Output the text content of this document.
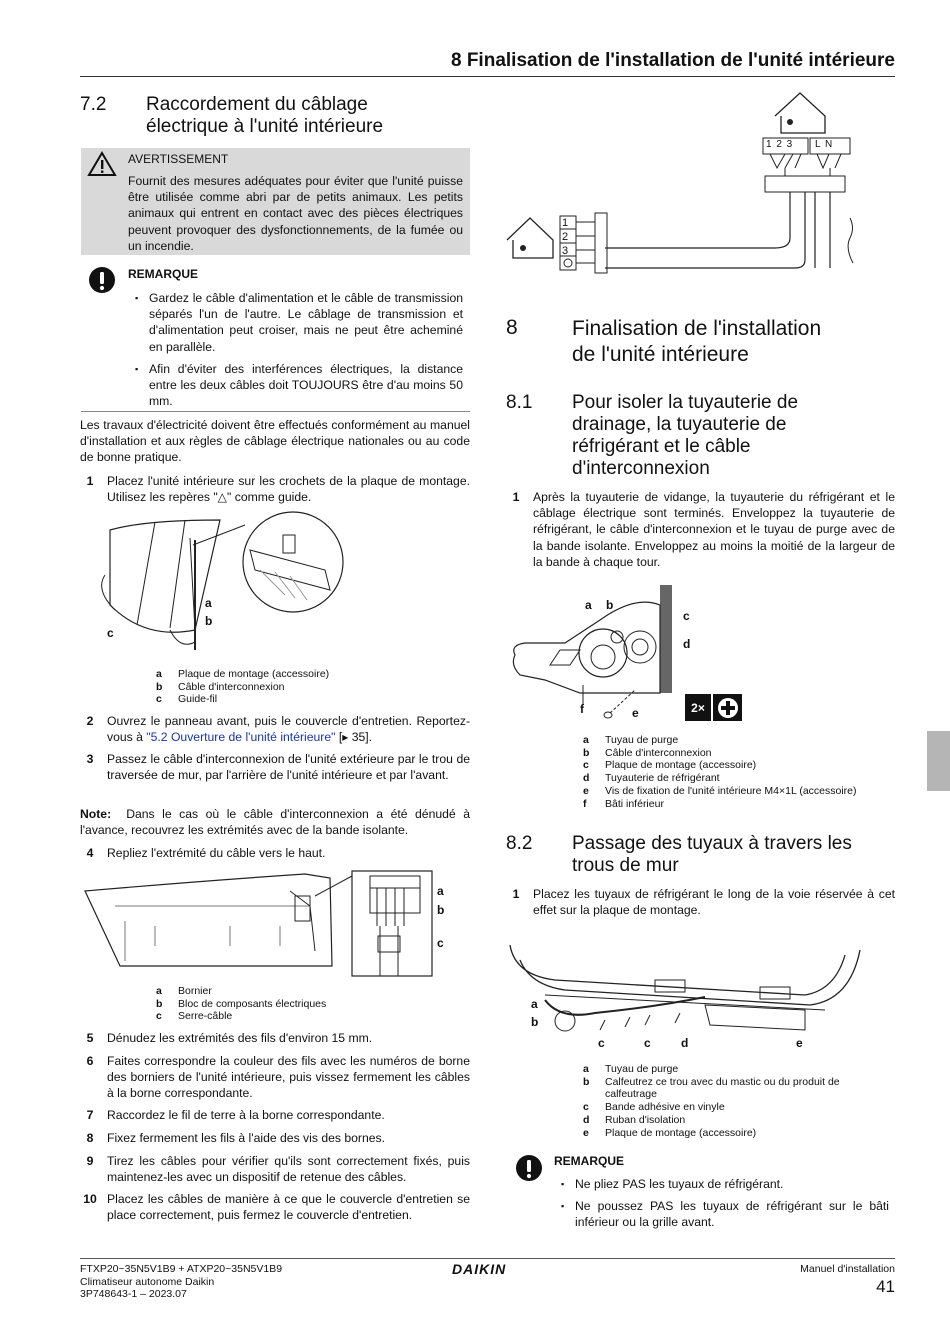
8 Finalisation de l'installation de l'unité intérieure
7.2 Raccordement du câblage
électrique à l'unité intérieure
AVERTISSEMENT
Fournit des mesures adéquates pour éviter que l'unité puisse être utilisée comme abri par de petits animaux. Les petits animaux qui entrent en contact avec des pièces électriques peuvent provoquer des dysfonctionnements, de la fumée ou un incendie.
REMARQUE
▪ Gardez le câble d'alimentation et le câble de transmission séparés l'un de l'autre. Le câblage de transmission et d'alimentation peut croiser, mais ne peut être acheminé en parallèle.
▪ Afin d'éviter des interférences électriques, la distance entre les deux câbles doit TOUJOURS être d'au moins 50 mm.
Les travaux d'électricité doivent être effectués conformément au manuel d'installation et aux règles de câblage électrique nationales ou au code de bonne pratique.
1	Placez l'unité intérieure sur les crochets de la plaque de montage. Utilisez les repères "△" comme guide.
a
b
c
a	Plaque de montage (accessoire)
b	Câble d'interconnexion
c	Guide-fil
2	Ouvrez le panneau avant, puis le couvercle d'entretien. Reportez-vous à "5.2 Ouverture de l'unité intérieure" [▸ 35].
3	Passez le câble d'interconnexion de l'unité extérieure par le trou de traversée de mur, par l'arrière de l'unité intérieure et par l'avant.
Note: Dans le cas où le câble d'interconnexion a été dénudé à l'avance, recouvrez les extrémités avec de la bande isolante.
4	Repliez l'extrémité du câble vers le haut.
a
b
c
a	Bornier
b	Bloc de composants électriques
c	Serre-câble
5	Dénudez les extrémités des fils d'environ 15 mm.
6	Faites correspondre la couleur des fils avec les numéros de borne des borniers de l'unité intérieure, puis vissez fermement les câbles à la borne correspondante.
7	Raccordez le fil de terre à la borne correspondante.
8	Fixez fermement les fils à l'aide des vis des bornes.
9	Tirez les câbles pour vérifier qu'ils sont correctement fixés, puis maintenez-les avec un dispositif de retenue des câbles.
10 Placez les câbles de manière à ce que le couvercle d'entretien se place correctement, puis fermez le couvercle d'entretien.
1
2
3
1 2 3 L N
8	Finalisation de l'installation
de l'unité intérieure
8.1 Pour isoler la tuyauterie de
drainage, la tuyauterie de
réfrigérant et le câble
d'interconnexion
1	Après la tuyauterie de vidange, la tuyauterie du réfrigérant et le câblage électrique sont terminés. Enveloppez la tuyauterie de réfrigérant, le câble d'interconnexion et le tuyau de purge avec de la bande isolante. Enveloppez au moins la moitié de la largeur de la bande à chaque tour.
a b
c
d
e
f	2×
a	Tuyau de purge
b	Câble d'interconnexion
c	Plaque de montage (accessoire)
d	Tuyauterie de réfrigérant
e	Vis de fixation de l'unité intérieure M4×1L (accessoire)
f	Bâti inférieur
8.2 Passage des tuyaux à travers les
trous de mur
1	Placez les tuyaux de réfrigérant le long de la voie réservée à cet effet sur la plaque de montage.
a
b
c	c	d	e
a	Tuyau de purge
b	Calfeutrez ce trou avec du mastic ou du produit de calfeutrage
c	Bande adhésive en vinyle
d	Ruban d'isolation
e	Plaque de montage (accessoire)
REMARQUE
▪ Ne pliez PAS les tuyaux de réfrigérant.
▪ Ne poussez PAS les tuyaux de réfrigérant sur le bâti inférieur ou la grille avant.
FTXP20~35N5V1B9 + ATXP20~35N5V1B9
Climatiseur autonome Daikin
3P748643-1 – 2023.07
DAIKIN	Manuel d'installation
41
